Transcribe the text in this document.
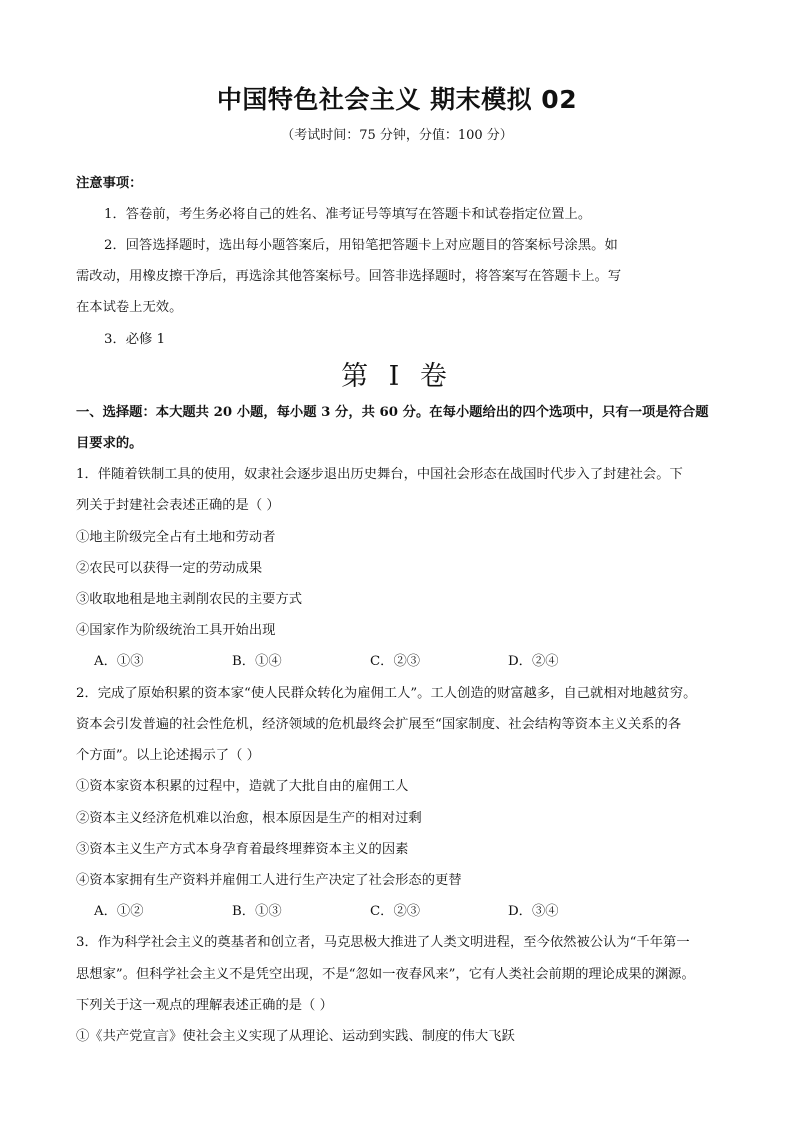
中国特色社会主义 期末模拟 02
（考试时间：75 分钟，分值：100 分）
注意事项：
1．答卷前，考生务必将自己的姓名、准考证号等填写在答题卡和试卷指定位置上。
2．回答选择题时，选出每小题答案后，用铅笔把答题卡上对应题目的答案标号涂黑。如
需改动，用橡皮擦干净后，再选涂其他答案标号。回答非选择题时，将答案写在答题卡上。写
在本试卷上无效。
3．必修 1
第 I 卷
一、选择题：本大题共 20 小题，每小题 3 分，共 60 分。在每小题给出的四个选项中，只有一项是符合题
目要求的。
1．伴随着铁制工具的使用，奴隶社会逐步退出历史舞台，中国社会形态在战国时代步入了封建社会。下
列关于封建社会表述正确的是（ ）
①地主阶级完全占有土地和劳动者
②农民可以获得一定的劳动成果
③收取地租是地主剥削农民的主要方式
④国家作为阶级统治工具开始出现
A．①③	B．①④	C．②③	D．②④
2．完成了原始积累的资本家“使人民群众转化为雇佣工人”。工人创造的财富越多，自己就相对地越贫穷。
资本会引发普遍的社会性危机，经济领域的危机最终会扩展至“国家制度、社会结构等资本主义关系的各
个方面”。以上论述揭示了（ ）
①资本家资本积累的过程中，造就了大批自由的雇佣工人
②资本主义经济危机难以治愈，根本原因是生产的相对过剩
③资本主义生产方式本身孕育着最终埋葬资本主义的因素
④资本家拥有生产资料并雇佣工人进行生产决定了社会形态的更替
A．①②	B．①③	C．②③	D．③④
3．作为科学社会主义的奠基者和创立者，马克思极大推进了人类文明进程，至今依然被公认为“千年第一
思想家”。但科学社会主义不是凭空出现，不是“忽如一夜春风来”，它有人类社会前期的理论成果的渊源。
下列关于这一观点的理解表述正确的是（ ）
①《共产党宣言》使社会主义实现了从理论、运动到实践、制度的伟大飞跃
